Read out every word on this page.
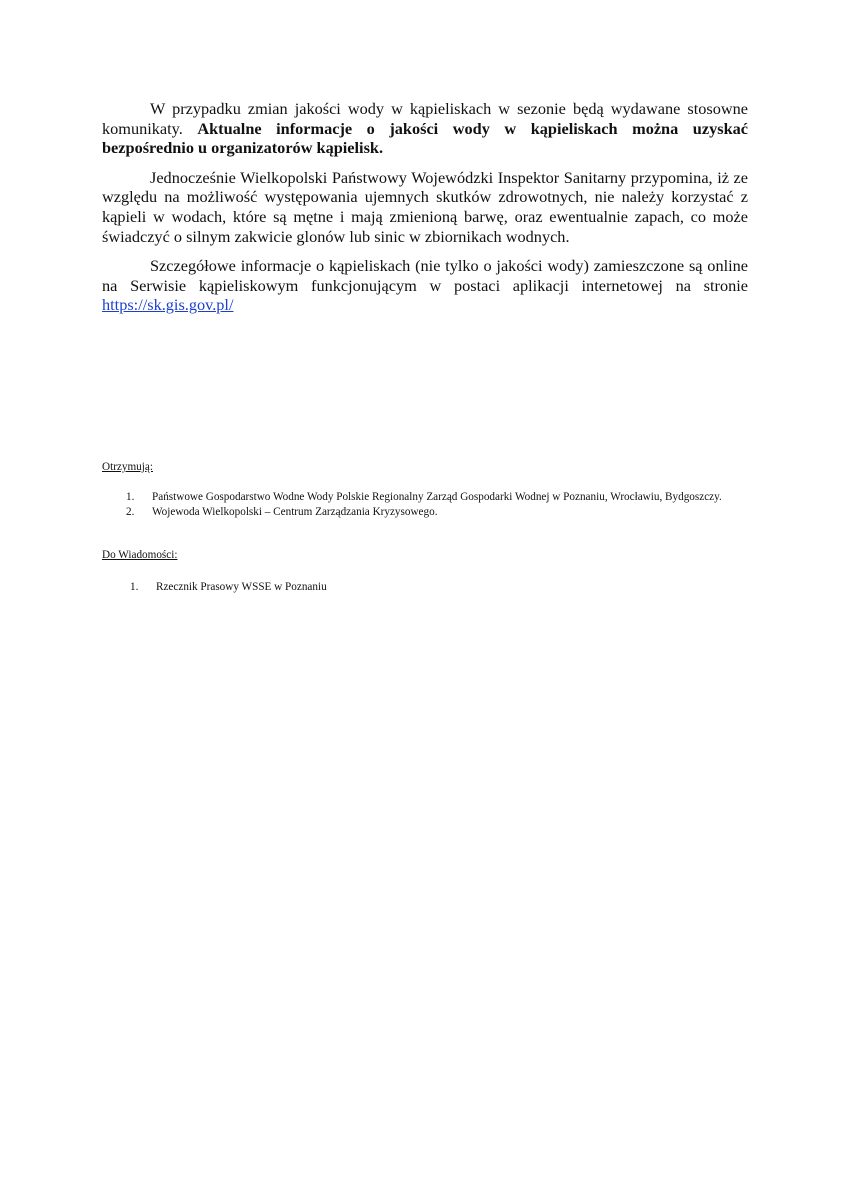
W przypadku zmian jakości wody w kąpieliskach w sezonie będą wydawane stosowne komunikaty. Aktualne informacje o jakości wody w kąpieliskach można uzyskać bezpośrednio u organizatorów kąpielisk.

Jednocześnie Wielkopolski Państwowy Wojewódzki Inspektor Sanitarny przypomina, iż ze względu na możliwość występowania ujemnych skutków zdrowotnych, nie należy korzystać z kąpieli w wodach, które są mętne i mają zmienioną barwę, oraz ewentualnie zapach, co może świadczyć o silnym zakwicie glonów lub sinic w zbiornikach wodnych.

Szczegółowe informacje o kąpieliskach (nie tylko o jakości wody) zamieszczone są online na Serwisie kąpieliskowym funkcjonującym w postaci aplikacji internetowej na stronie https://sk.gis.gov.pl/

Otrzymują:
1. Państwowe Gospodarstwo Wodne Wody Polskie Regionalny Zarząd Gospodarki Wodnej w Poznaniu, Wrocławiu, Bydgoszczy.
2. Wojewoda Wielkopolski – Centrum Zarządzania Kryzysowego.
Do Wiadomości:
1. Rzecznik Prasowy WSSE w Poznaniu
